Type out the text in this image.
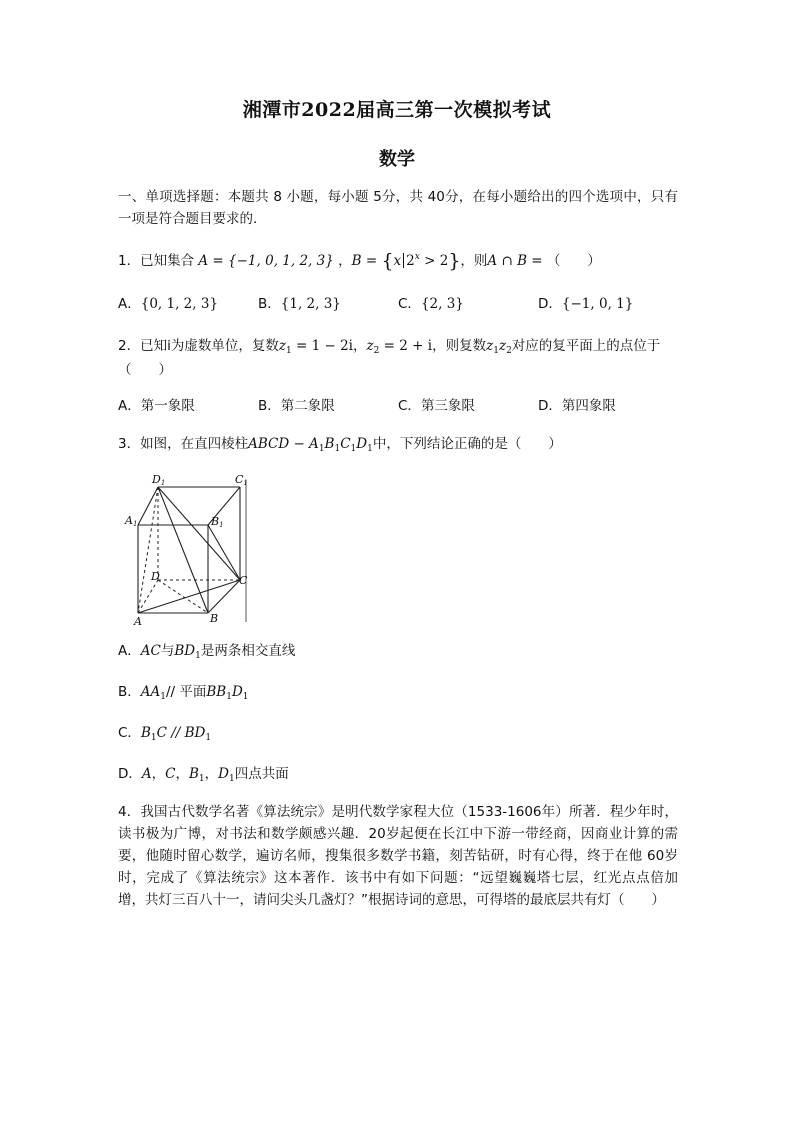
湘潭市2022届高三第一次模拟考试
数学
一、单项选择题：本题共 8 小题，每小题 5分，共 40分，在每小题给出的四个选项中，只有一项是符合题目要求的.
1．已知集合 A = {−1, 0, 1, 2, 3} ，B = {x $2^x > 2$}，则A ∩ B = （　　）
A．{0, 1, 2, 3}	B．{1, 2, 3}	C．{2, 3}	D．{−1, 0, 1}
2．已知i为虚数单位，复数$z_1 = 1 - 2i$，$z_2 = 2 + i$，则复数$z_1z_2$对应的复平面上的点位于
（　　）
A．第一象限	B．第二象限	C．第三象限	D．第四象限
3．如图，在直四棱柱ABCD − $A_1B_1C_1D_1$中，下列结论正确的是（　　）
D1	C1
A1	B1
D	C
A	B
A．AC与$BD_1$是两条相交直线
B．$AA_1//$ 平面$BB_1D_1$
C．$B_1C // BD_1$
D．A，C，$B_1$，$D_1$四点共面
4．我国古代数学名著《算法统宗》是明代数学家程大位（1533-1606年）所著．程少年时，读书极为广博，对书法和数学颇感兴趣．20岁起便在长江中下游一带经商，因商业计算的需要，他随时留心数学，遍访名师，搜集很多数学书籍，刻苦钻研，时有心得，终于在他 60岁时，完成了《算法统宗》这本著作．该书中有如下问题：“远望巍巍塔七层，红光点点倍加增，共灯三百八十一，请问尖头几盏灯？”根据诗词的意思，可得塔的最底层共有灯（　　）
